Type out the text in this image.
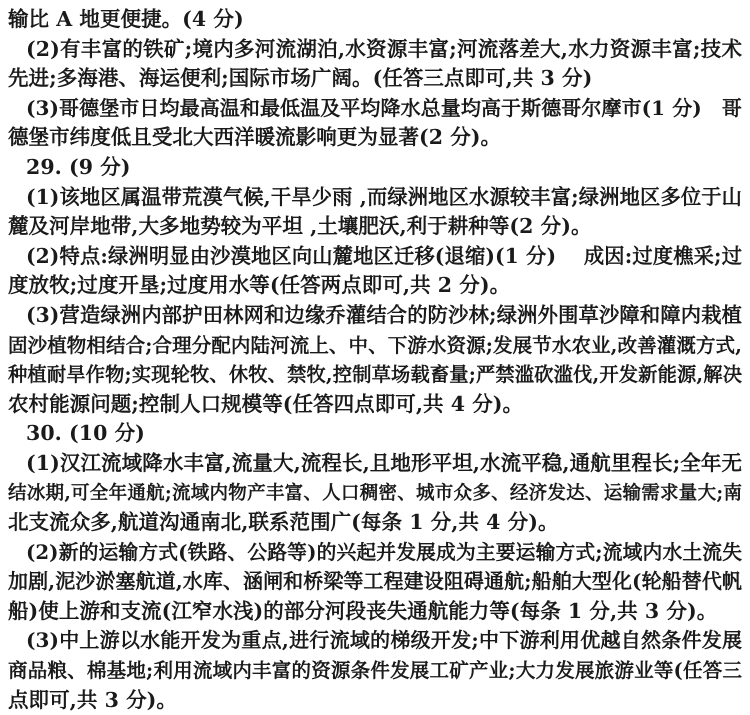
输比 A 地更便捷。(4 分)
(2)有丰富的铁矿;境内多河流湖泊,水资源丰富;河流落差大,水力资源丰富;技术
先进;多海港、海运便利;国际市场广阔。(任答三点即可,共 3 分)
(3)哥德堡市日均最高温和最低温及平均降水总量均高于斯德哥尔摩市(1 分)　哥
德堡市纬度低且受北大西洋暖流影响更为显著(2 分)。
29. (9 分)
(1)该地区属温带荒漠气候,干旱少雨 ,而绿洲地区水源较丰富;绿洲地区多位于山
麓及河岸地带,大多地势较为平坦 ,土壤肥沃,利于耕种等(2 分)。
(2)特点:绿洲明显由沙漠地区向山麓地区迁移(退缩)(1 分)　 成因:过度樵采;过
度放牧;过度开垦;过度用水等(任答两点即可,共 2 分)。
(3)营造绿洲内部护田林网和边缘乔灌结合的防沙林;绿洲外围草沙障和障内栽植
固沙植物相结合;合理分配内陆河流上、中、下游水资源;发展节水农业,改善灌溉方式,
种植耐旱作物;实现轮牧、休牧、禁牧,控制草场载畜量;严禁滥砍滥伐,开发新能源,解决
农村能源问题;控制人口规模等(任答四点即可,共 4 分)。
30. (10 分)
(1)汉江流域降水丰富,流量大,流程长,且地形平坦,水流平稳,通航里程长;全年无
结冰期,可全年通航;流域内物产丰富、人口稠密、城市众多、经济发达、运输需求量大;南
北支流众多,航道沟通南北,联系范围广(每条 1 分,共 4 分)。
(2)新的运输方式(铁路、公路等)的兴起并发展成为主要运输方式;流域内水土流失
加剧,泥沙淤塞航道,水库、涵闸和桥梁等工程建设阻碍通航;船舶大型化(轮船替代帆
船)使上游和支流(江窄水浅)的部分河段丧失通航能力等(每条 1 分,共 3 分)。
(3)中上游以水能开发为重点,进行流域的梯级开发;中下游利用优越自然条件发展
商品粮、棉基地;利用流域内丰富的资源条件发展工矿产业;大力发展旅游业等(任答三
点即可,共 3 分)。
